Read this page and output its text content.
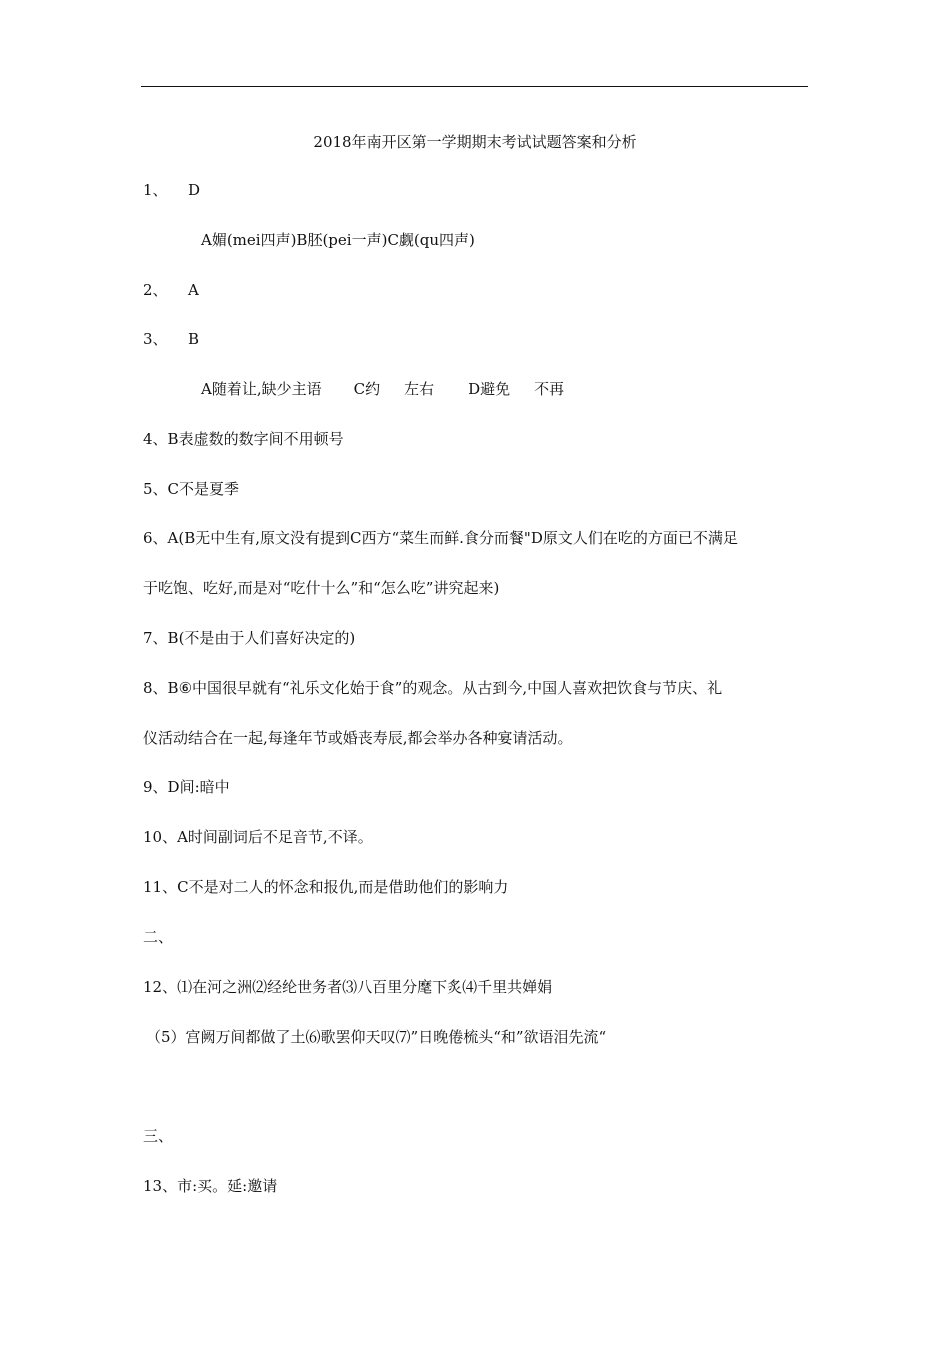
2018年南开区第一学期期末考试试题答案和分析
1、 D
A媚(mei四声)B胚(pei一声)C觑(qu四声)
2、 A
3、 B
A随着让,缺少主语 C约 左右 D避免 不再
4、B表虚数的数字间不用顿号
5、C不是夏季
6、A(B无中生有,原文没有提到C西方“菜生而鲜.食分而餐"D原文人们在吃的方面已不满足
于吃饱、吃好,而是对“吃什十么”和“怎么吃”讲究起来)
7、B(不是由于人们喜好决定的)
8、B⑥中国很早就有“礼乐文化始于食”的观念。从古到今,中国人喜欢把饮食与节庆、礼
仪活动结合在一起,每逢年节或婚丧寿辰,都会举办各种宴请活动。
9、D间:暗中
10、A时间副词后不足音节,不译。
11、C不是对二人的怀念和报仇,而是借助他们的影响力
二、
12、⑴在河之洲⑵经纶世务者⑶八百里分麾下炙⑷千里共婵娟
（5）宫阙万间都做了土⑹歌罢仰天叹⑺”日晚倦梳头“和”欲语泪先流“
三、
13、市:买。延:邀请
